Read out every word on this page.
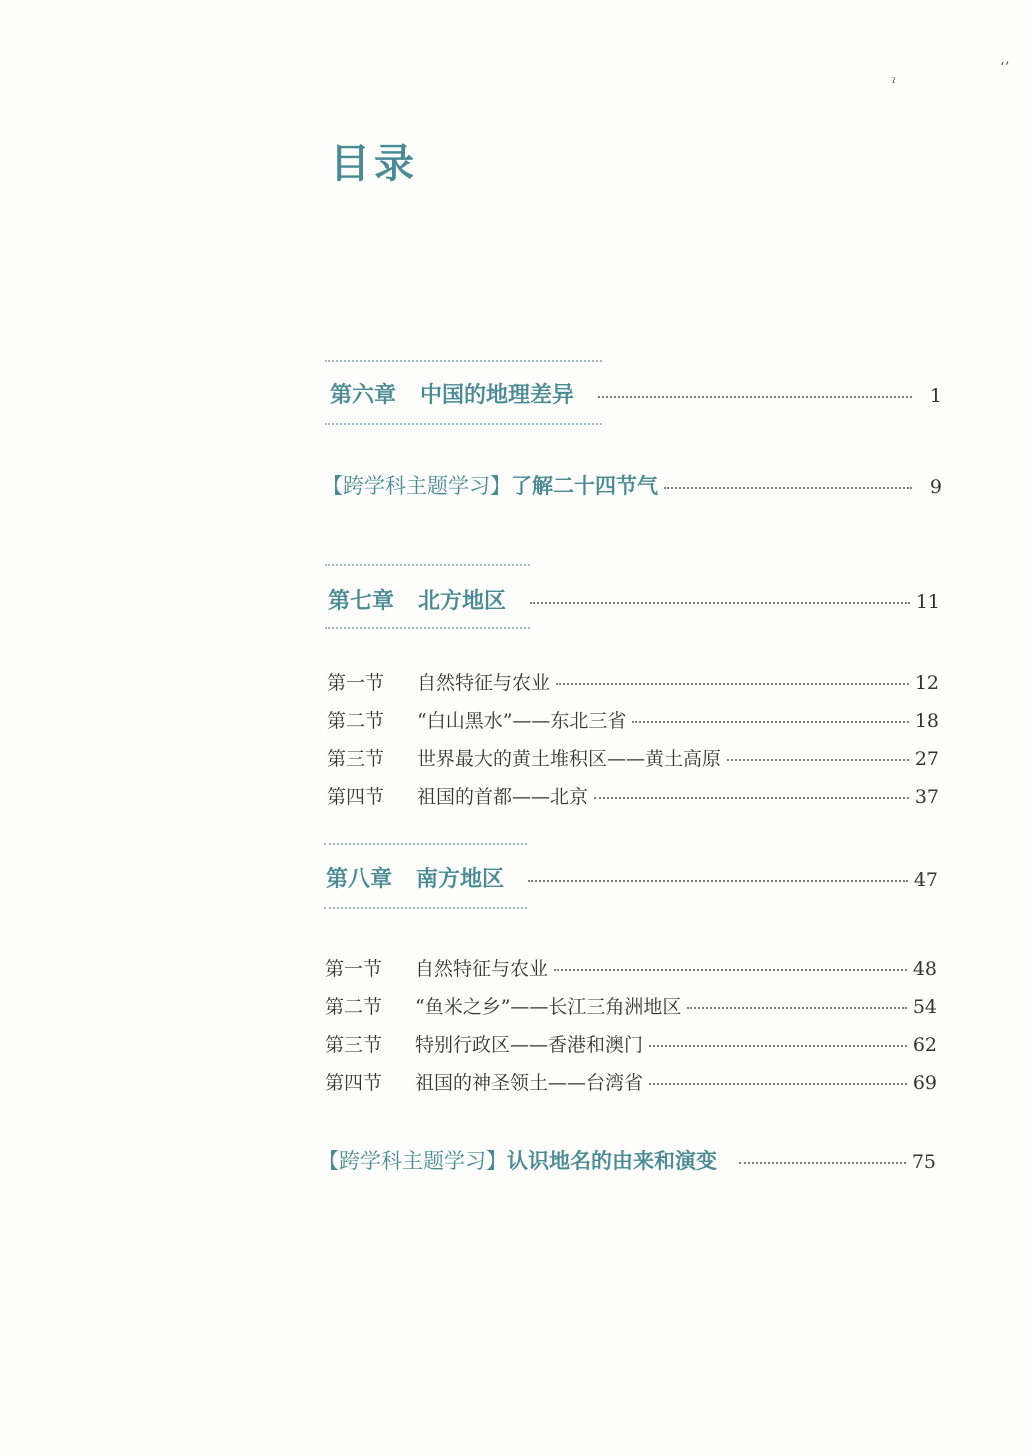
ˀ
ʻʼ
目录
第六章 中国的地理差异	1
【跨学科主题学习】 了解二十四节气	9
第七章 北方地区	11
第一节	自然特征与农业	12
第二节	“白山黑水”——东北三省	18
第三节	世界最大的黄土堆积区——黄土高原	27
第四节	祖国的首都——北京	37
第八章 南方地区	47
第一节	自然特征与农业	48
第二节	“鱼米之乡”——长江三角洲地区	54
第三节	特别行政区——香港和澳门	62
第四节	祖国的神圣领土——台湾省	69
【跨学科主题学习】 认识地名的由来和演变	75
